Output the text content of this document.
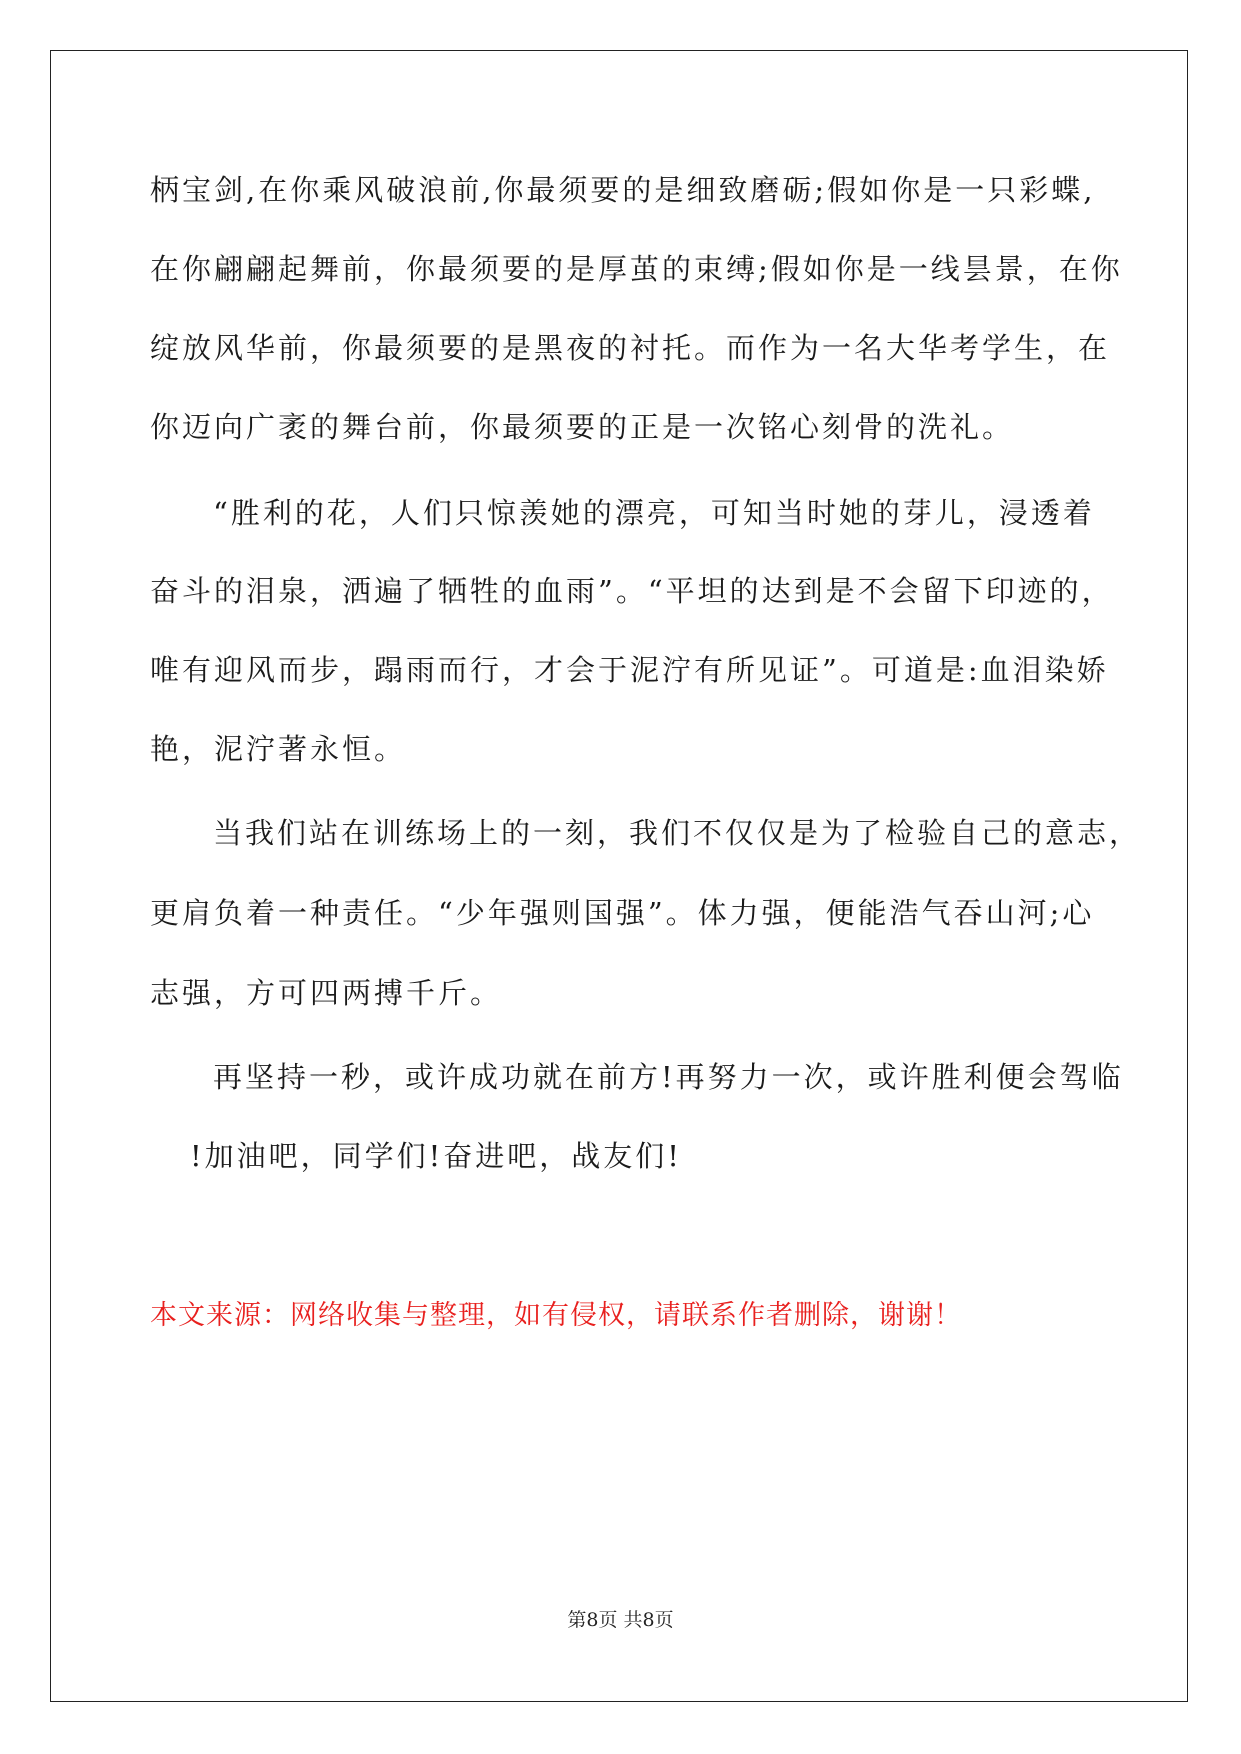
柄宝剑,在你乘风破浪前,你最须要的是细致磨砺;假如你是一只彩蝶,
在你翩翩起舞前，你最须要的是厚茧的束缚;假如你是一线昙景，在你
绽放风华前，你最须要的是黑夜的衬托。而作为一名大华考学生，在
你迈向广袤的舞台前，你最须要的正是一次铭心刻骨的洗礼。
“胜利的花，人们只惊羡她的漂亮，可知当时她的芽儿，浸透着
奋斗的泪泉，洒遍了牺牲的血雨”。“平坦的达到是不会留下印迹的，
唯有迎风而步，蹋雨而行，才会于泥泞有所见证”。可道是:血泪染娇
艳，泥泞著永恒。
当我们站在训练场上的一刻，我们不仅仅是为了检验自己的意志，
更肩负着一种责任。“少年强则国强”。体力强，便能浩气吞山河;心
志强，方可四两搏千斤。
再坚持一秒，或许成功就在前方!再努力一次，或许胜利便会驾临
!加油吧，同学们!奋进吧，战友们!
本文来源：网络收集与整理，如有侵权，请联系作者删除，谢谢！
第8页 共8页
